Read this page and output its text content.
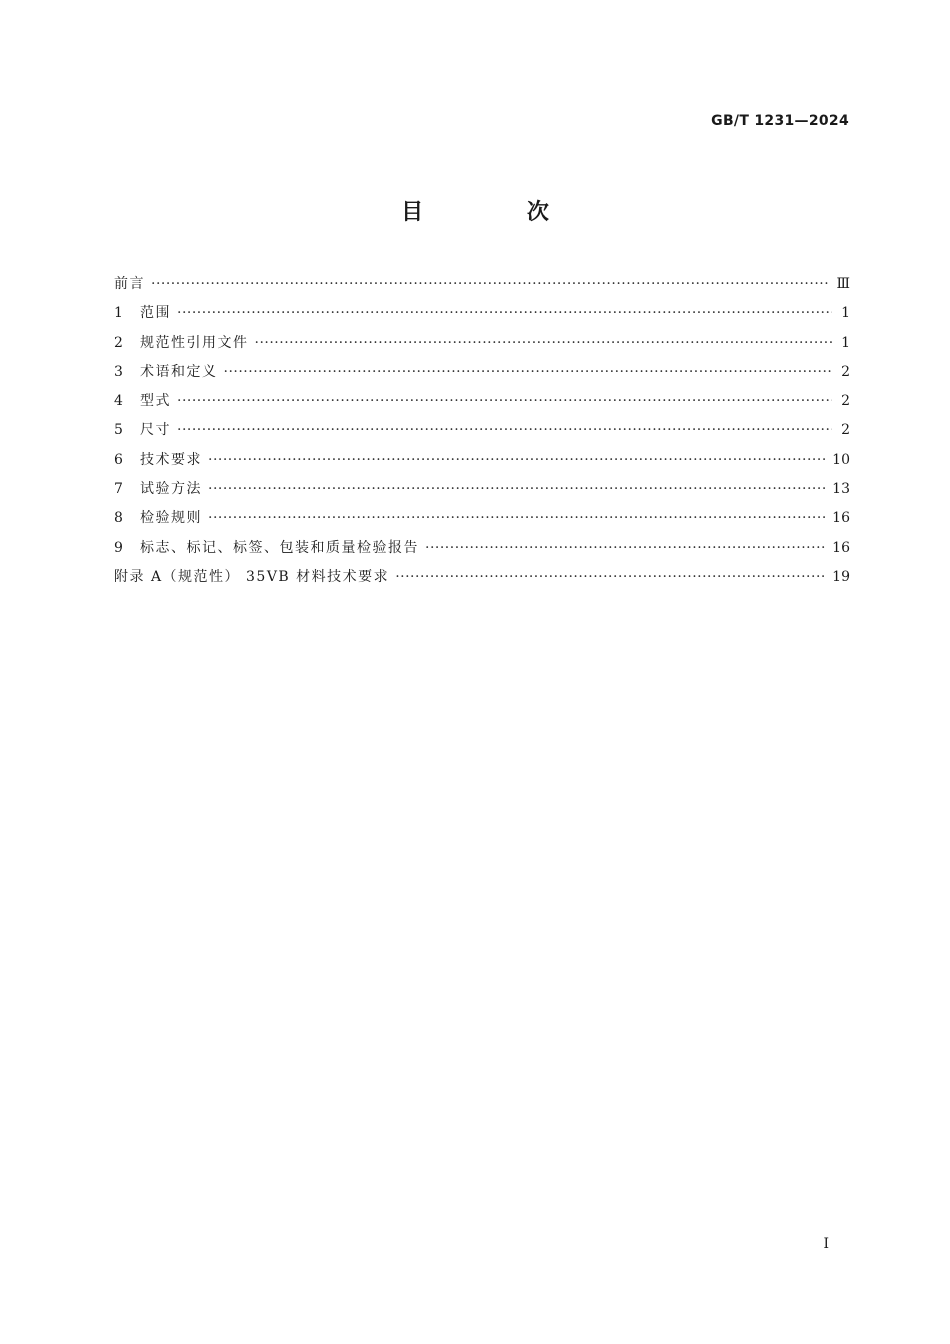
GB/T 1231—2024
目 次
前言 ·····	Ⅲ
1	范围 ·····	1
2	规范性引用文件 ·····	1
3	术语和定义 ·····	2
4	型式 ·····	2
5	尺寸 ·····	2
6	技术要求 ·····	10
7	试验方法 ·····	13
8	检验规则 ·····	16
9	标志、标记、标签、包装和质量检验报告 ·····	16
附录 A（规范性） 35VB 材料技术要求 ·····	19
Ⅰ
